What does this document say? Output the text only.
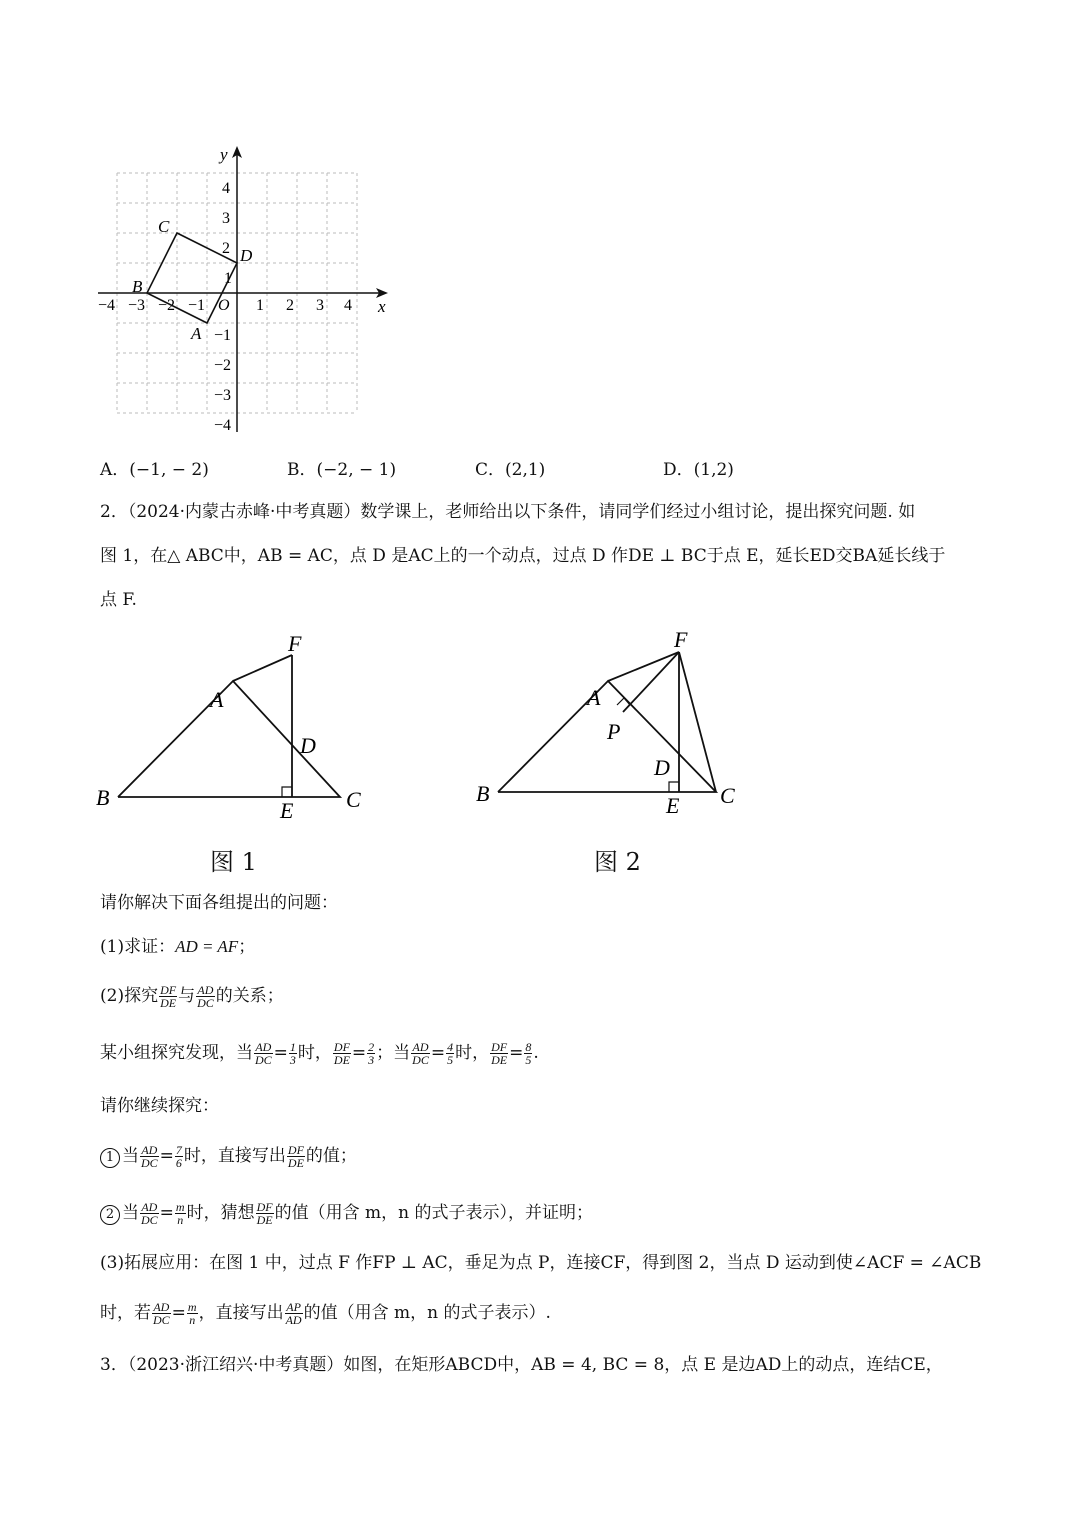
x
y
−4 −3 −2 −1	1 2 3 4
4
3
2
1
−1
−2
−3
−4
O
A
B
C
D
A．(−1, − 2)	B．(−2, − 1)	C．(2,1)	D．(1,2)
2．（2024·内蒙古赤峰·中考真题）数学课上，老师给出以下条件，请同学们经过小组讨论，提出探究问题. 如
图 1，在△ ABC中，AB = AC，点 D 是AC上的一个动点，过点 D 作DE ⊥ BC于点 E，延长ED交BA延长线于
点 F.
A
B	C
D
E
F
图 1
A
B	C
D
E
F
P
图 2
请你解决下面各组提出的问题：
(1)求证：AD = AF；
(2)探究 $\frac{DF}{DE}$ 与 $\frac{AD}{DC}$ 的关系；
某小组探究发现，当 $\frac{AD}{DC} = \frac{1}{3}$ 时， $\frac{DF}{DE} = \frac{2}{3}$ ；当 $\frac{AD}{DC} = \frac{4}{5}$ 时， $\frac{DF}{DE} = \frac{8}{5}$ .
请你继续探究：
1 当 $\frac{AD}{DC} = \frac{7}{6}$ 时，直接写出 $\frac{DF}{DE}$ 的值；
2 当 $\frac{AD}{DC} = \frac{m}{n}$ 时，猜想 $\frac{DF}{DE}$ 的值（用含 m，n 的式子表示），并证明；
(3)拓展应用：在图 1 中，过点 F 作FP ⊥ AC，垂足为点 P，连接CF，得到图 2，当点 D 运动到使∠ACF = ∠ACB
时，若 $\frac{AD}{DC} = \frac{m}{n}$ ，直接写出 $\frac{AP}{AD}$ 的值（用含 m，n 的式子表示）.
3．（2023·浙江绍兴·中考真题）如图，在矩形ABCD中，AB = 4, BC = 8，点 E 是边AD上的动点，连结CE，
